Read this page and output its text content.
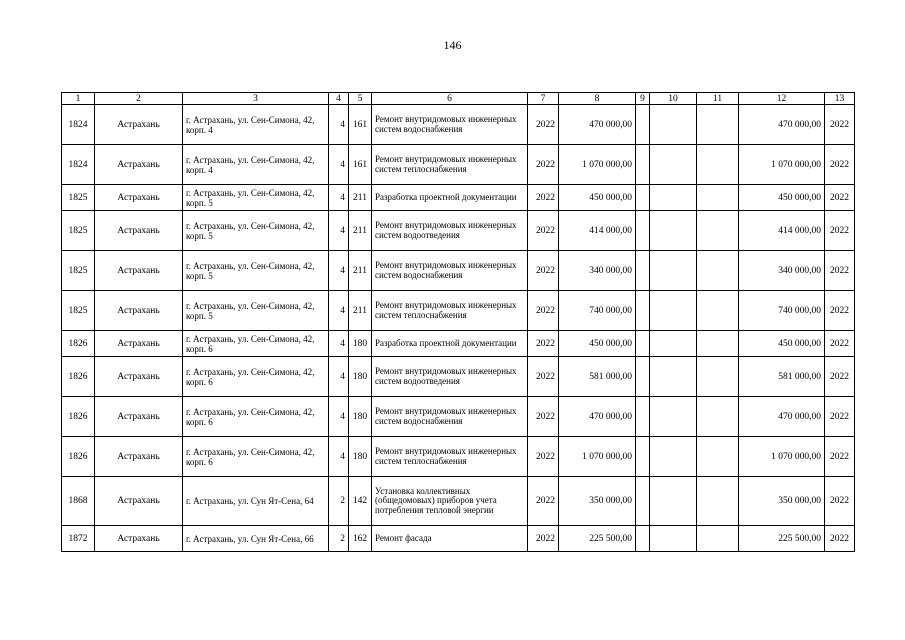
146
1	2	3	4	5	6	7	8	9	10	11	12	13
1824	Астрахань	г. Астрахань, ул. Сен-Симона, 42, корп. 4	4	161	Ремонт внутридомовых инженерных систем водоснабжения	2022	470 000,00				470 000,00	2022
1824	Астрахань	г. Астрахань, ул. Сен-Симона, 42, корп. 4	4	161	Ремонт внутридомовых инженерных систем теплоснабжения	2022	1 070 000,00				1 070 000,00	2022
1825	Астрахань	г. Астрахань, ул. Сен-Симона, 42, корп. 5	4	211	Разработка проектной документации	2022	450 000,00				450 000,00	2022
1825	Астрахань	г. Астрахань, ул. Сен-Симона, 42, корп. 5	4	211	Ремонт внутридомовых инженерных систем водоотведения	2022	414 000,00				414 000,00	2022
1825	Астрахань	г. Астрахань, ул. Сен-Симона, 42, корп. 5	4	211	Ремонт внутридомовых инженерных систем водоснабжения	2022	340 000,00				340 000,00	2022
1825	Астрахань	г. Астрахань, ул. Сен-Симона, 42, корп. 5	4	211	Ремонт внутридомовых инженерных систем теплоснабжения	2022	740 000,00				740 000,00	2022
1826	Астрахань	г. Астрахань, ул. Сен-Симона, 42, корп. 6	4	180	Разработка проектной документации	2022	450 000,00				450 000,00	2022
1826	Астрахань	г. Астрахань, ул. Сен-Симона, 42, корп. 6	4	180	Ремонт внутридомовых инженерных систем водоотведения	2022	581 000,00				581 000,00	2022
1826	Астрахань	г. Астрахань, ул. Сен-Симона, 42, корп. 6	4	180	Ремонт внутридомовых инженерных систем водоснабжения	2022	470 000,00				470 000,00	2022
1826	Астрахань	г. Астрахань, ул. Сен-Симона, 42, корп. 6	4	180	Ремонт внутридомовых инженерных систем теплоснабжения	2022	1 070 000,00				1 070 000,00	2022
1868	Астрахань	г. Астрахань, ул. Сун Ят-Сена, 64	2	142	Установка коллективных (общедомовых) приборов учета потребления тепловой энергии	2022	350 000,00				350 000,00	2022
1872	Астрахань	г. Астрахань, ул. Сун Ят-Сена, 66	2	162	Ремонт фасада	2022	225 500,00				225 500,00	2022
